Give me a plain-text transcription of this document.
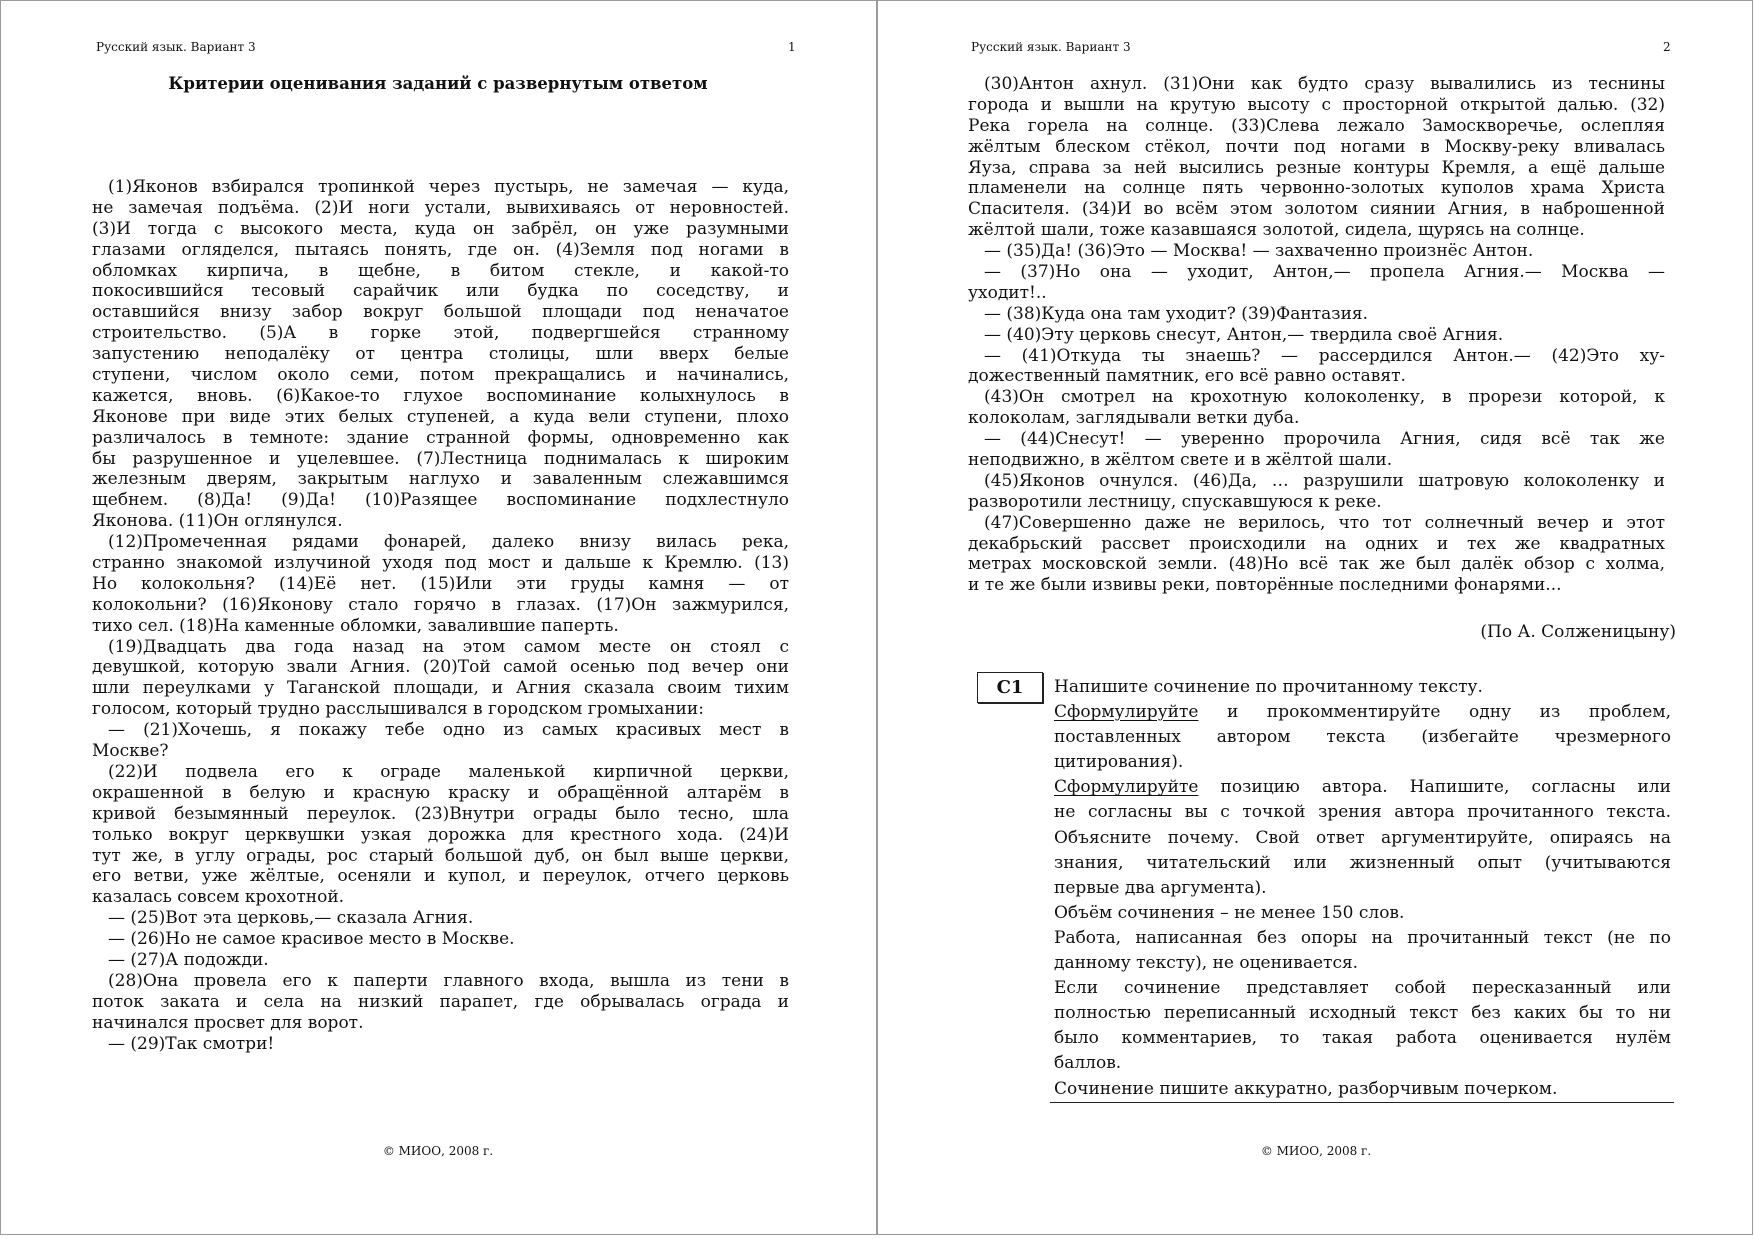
Русский язык. Вариант 3	1
Критерии оценивания заданий с развернутым ответом
(1)Яконов взбирался тропинкой через пустырь, не замечая — куда,
не замечая подъёма. (2)И ноги устали, вывихиваясь от неровностей.
(3)И тогда с высокого места, куда он забрёл, он уже разумными
глазами огляделся, пытаясь понять, где он. (4)Земля под ногами в
обломках кирпича, в щебне, в битом стекле, и какой-то
покосившийся тесовый сарайчик или будка по соседству, и
оставшийся внизу забор вокруг большой площади под неначатое
строительство. (5)А в горке этой, подвергшейся странному
запустению неподалёку от центра столицы, шли вверх белые
ступени, числом около семи, потом прекращались и начинались,
кажется, вновь. (6)Какое-то глухое воспоминание колыхнулось в
Яконове при виде этих белых ступеней, а куда вели ступени, плохо
различалось в темноте: здание странной формы, одновременно как
бы разрушенное и уцелевшее. (7)Лестница поднималась к широким
железным дверям, закрытым наглухо и заваленным слежавшимся
щебнем. (8)Да! (9)Да! (10)Разящее воспоминание подхлестнуло
Яконова. (11)Он оглянулся.
(12)Промеченная рядами фонарей, далеко внизу вилась река,
странно знакомой излучиной уходя под мост и дальше к Кремлю. (13)
Но колокольня? (14)Её нет. (15)Или эти груды камня — от
колокольни? (16)Яконову стало горячо в глазах. (17)Он зажмурился,
тихо сел. (18)На каменные обломки, завалившие паперть.
(19)Двадцать два года назад на этом самом месте он стоял с
девушкой, которую звали Агния. (20)Той самой осенью под вечер они
шли переулками у Таганской площади, и Агния сказала своим тихим
голосом, который трудно расслышивался в городском громыхании:
— (21)Хочешь, я покажу тебе одно из самых красивых мест в
Москве?
(22)И подвела его к ограде маленькой кирпичной церкви,
окрашенной в белую и красную краску и обращённой алтарём в
кривой безымянный переулок. (23)Внутри ограды было тесно, шла
только вокруг церквушки узкая дорожка для крестного хода. (24)И
тут же, в углу ограды, рос старый большой дуб, он был выше церкви,
его ветви, уже жёлтые, осеняли и купол, и переулок, отчего церковь
казалась совсем крохотной.
— (25)Вот эта церковь,— сказала Агния.
— (26)Но не самое красивое место в Москве.
— (27)А подожди.
(28)Она провела его к паперти главного входа, вышла из тени в
поток заката и села на низкий парапет, где обрывалась ограда и
начинался просвет для ворот.
— (29)Так смотри!
© МИОО, 2008 г.
Русский язык. Вариант 3	2
(30)Антон ахнул. (31)Они как будто сразу вывалились из теснины
города и вышли на крутую высоту с просторной открытой далью. (32)
Река горела на солнце. (33)Слева лежало Замоскворечье, ослепляя
жёлтым блеском стёкол, почти под ногами в Москву-реку вливалась
Яуза, справа за ней высились резные контуры Кремля, а ещё дальше
пламенели на солнце пять червонно-золотых куполов храма Христа
Спасителя. (34)И во всём этом золотом сиянии Агния, в наброшенной
жёлтой шали, тоже казавшаяся золотой, сидела, щурясь на солнце.
— (35)Да! (36)Это — Москва! — захваченно произнёс Антон.
— (37)Но она — уходит, Антон,— пропела Агния.— Москва —
уходит!..
— (38)Куда она там уходит? (39)Фантазия.
— (40)Эту церковь снесут, Антон,— твердила своё Агния.
— (41)Откуда ты знаешь? — рассердился Антон.— (42)Это ху-
дожественный памятник, его всё равно оставят.
(43)Он смотрел на крохотную колоколенку, в прорези которой, к
колоколам, заглядывали ветки дуба.
— (44)Снесут! — уверенно пророчила Агния, сидя всё так же
неподвижно, в жёлтом свете и в жёлтой шали.
(45)Яконов очнулся. (46)Да, … разрушили шатровую колоколенку и
разворотили лестницу, спускавшуюся к реке.
(47)Совершенно даже не верилось, что тот солнечный вечер и этот
декабрьский рассвет происходили на одних и тех же квадратных
метрах московской земли. (48)Но всё так же был далёк обзор с холма,
и те же были извивы реки, повторённые последними фонарями...
(По А. Солженицыну)
С1	Напишите сочинение по прочитанному тексту.
Сформулируйте и прокомментируйте одну из проблем,
поставленных автором текста (избегайте чрезмерного
цитирования).
Сформулируйте позицию автора. Напишите, согласны или
не согласны вы с точкой зрения автора прочитанного текста.
Объясните почему. Свой ответ аргументируйте, опираясь на
знания, читательский или жизненный опыт (учитываются
первые два аргумента).
Объём сочинения – не менее 150 слов.
Работа, написанная без опоры на прочитанный текст (не по
данному тексту), не оценивается.
Если сочинение представляет собой пересказанный или
полностью переписанный исходный текст без каких бы то ни
было комментариев, то такая работа оценивается нулём
баллов.
Сочинение пишите аккуратно, разборчивым почерком.
© МИОО, 2008 г.
